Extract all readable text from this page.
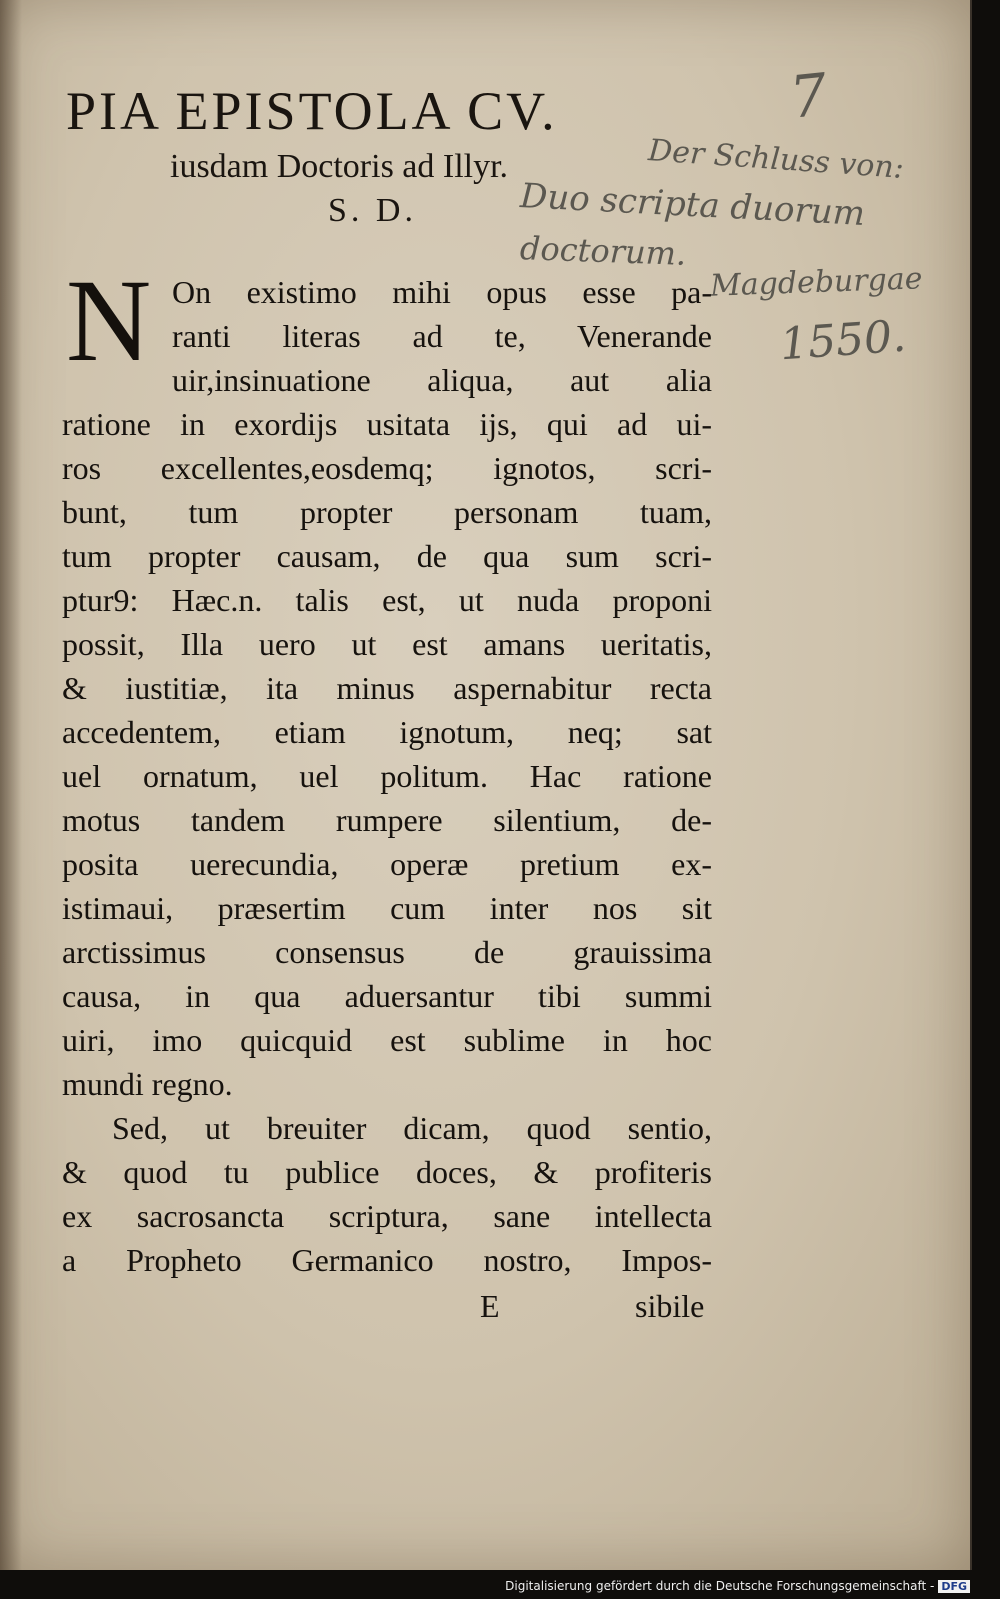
PIA EPISTOLA CV.
iusdam Doctoris ad Illyr.
S. D.
7
Der Schluss von:
Duo scripta duorum
doctorum.
Magdeburgae
1550.
N On existimo mihi opus esse pa-
ranti literas ad te, Venerande
uir,insinuatione aliqua, aut alia
ratione in exordijs usitata ijs, qui ad ui-
ros excellentes,eosdemq; ignotos, scri-
bunt, tum propter personam tuam,
tum propter causam, de qua sum scri-
ptur9: Hæc.n. talis est, ut nuda proponi
possit, Illa uero ut est amans ueritatis,
& iustitiæ, ita minus aspernabitur recta
accedentem, etiam ignotum, neq; sat
uel ornatum, uel politum. Hac ratione
motus tandem rumpere silentium, de-
posita uerecundia, operæ pretium ex-
istimaui, præsertim cum inter nos sit
arctissimus consensus de grauissima
causa, in qua aduersantur tibi summi
uiri, imo quicquid est sublime in hoc
mundi regno.
Sed, ut breuiter dicam, quod sentio,
& quod tu publice doces, & profiteris
ex sacrosancta scriptura, sane intellecta
a Propheto Germanico nostro, Impos-
E	sibile
Digitalisierung gefördert durch die Deutsche Forschungsgemeinschaft - DFG
